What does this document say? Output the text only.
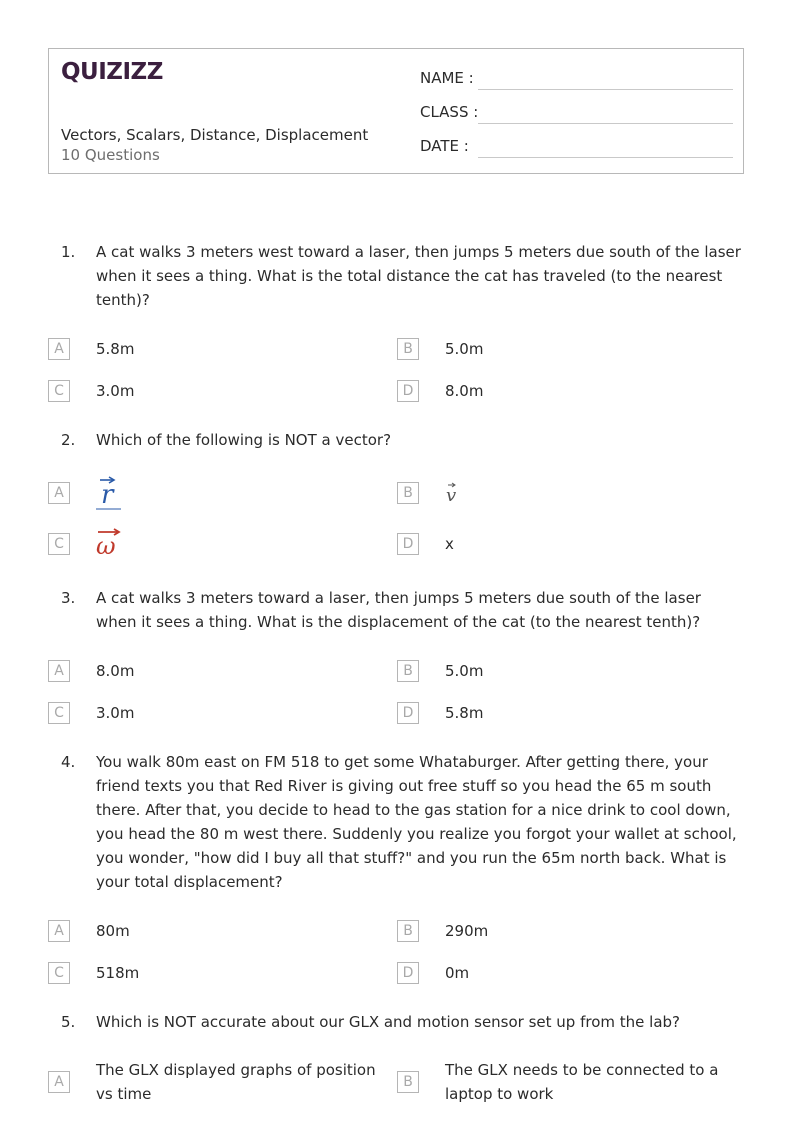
QUIZIZZ
Vectors, Scalars, Distance, Displacement
10 Questions
NAME :
CLASS :
DATE :
1. A cat walks 3 meters west toward a laser, then jumps 5 meters due south of the laser when it sees a thing. What is the total distance the cat has traveled (to the nearest tenth)?
A	5.8m	B	5.0m
C	3.0m	D	8.0m
2. Which of the following is NOT a vector?
A r	B	v
C ω	D	x
3. A cat walks 3 meters toward a laser, then jumps 5 meters due south of the laser when it sees a thing. What is the displacement of the cat (to the nearest tenth)?
A	8.0m	B	5.0m
C	3.0m	D	5.8m
4. You walk 80m east on FM 518 to get some Whataburger. After getting there, your friend texts you that Red River is giving out free stuff so you head the 65 m south there. After that, you decide to head to the gas station for a nice drink to cool down, you head the 80 m west there. Suddenly you realize you forgot your wallet at school, you wonder, "how did I buy all that stuff?" and you run the 65m north back. What is your total displacement?
A	80m	B	290m
C	518m	D	0m
5. Which is NOT accurate about our GLX and motion sensor set up from the lab?
A
The GLX displayed graphs of position vs time
B
The GLX needs to be connected to a laptop to work
